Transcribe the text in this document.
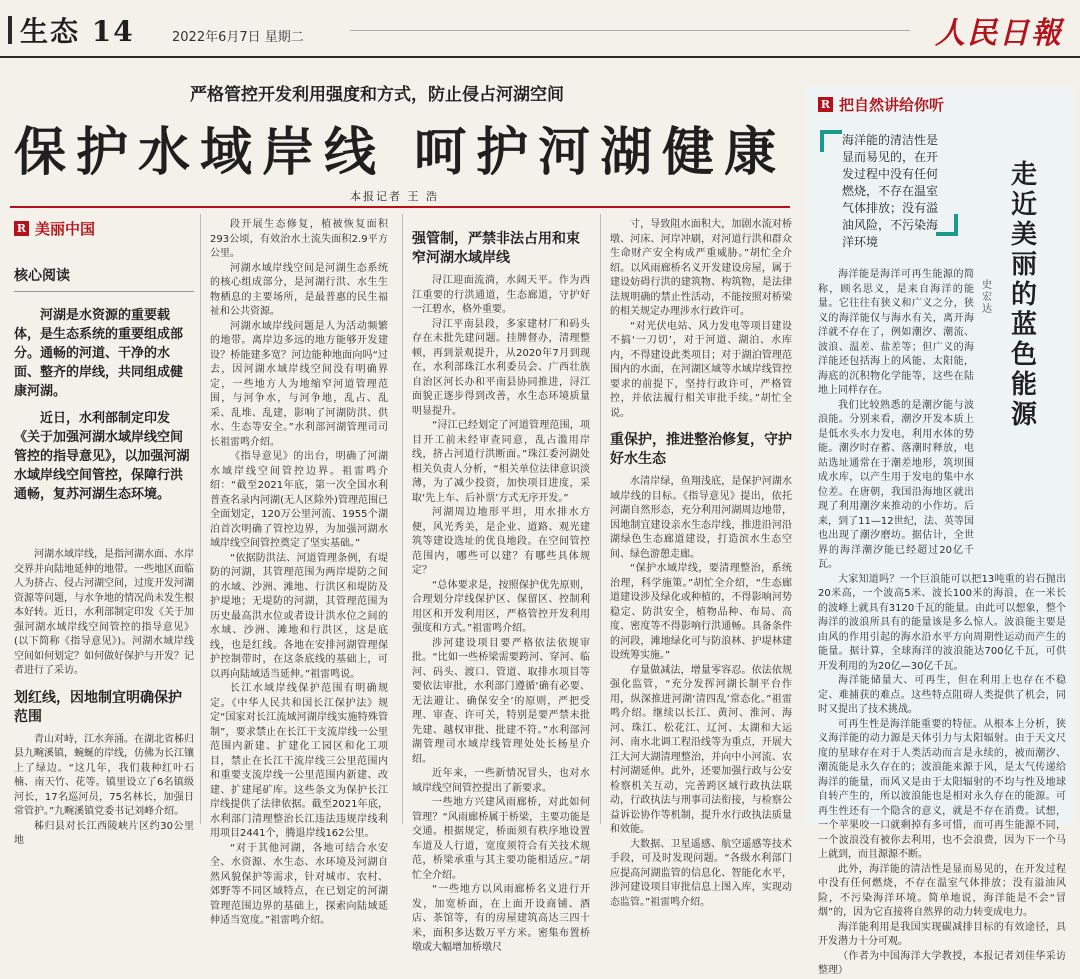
生态 14	2022年6月7日 星期二	人民日報
严格管控开发利用强度和方式，防止侵占河湖空间
保护水域岸线 呵护河湖健康
本报记者 王 浩
R 美丽中国
核心阅读

河湖是水资源的重要载体，是生态系统的重要组成部分。通畅的河道、干净的水面、整齐的岸线，共同组成健康河湖。

近日，水利部制定印发《关于加强河湖水域岸线空间管控的指导意见》，以加强河湖水域岸线空间管控，保障行洪通畅，复苏河湖生态环境。

河湖水域岸线，是指河湖水面、水岸交界并向陆地延伸的地带。一些地区面临人为挤占、侵占河湖空间，过度开发河湖资源等问题，与水争地的情况尚未发生根本好转。近日，水利部制定印发《关于加强河湖水域岸线空间管控的指导意见》(以下简称《指导意见》)。河湖水域岸线空间如何划定？如何做好保护与开发？记者进行了采访。

划红线，因地制宜明确保护范围

青山对峙，江水奔涌。在湖北省秭归县九畹溪镇，蜿蜒的岸线，仿佛为长江镶上了绿边。“这几年，我们栽种红叶石楠、南天竹、花等。镇里设立了6名镇级河长，17名巡河员，75名林长，加强日常管护。”九畹溪镇党委书记刘峰介绍。

秭归县对长江西陵峡片区约30公里地

段开展生态修复，植被恢复面积293公顷，有效治水土流失面积2.9平方公里。

河湖水域岸线空间是河湖生态系统的核心组成部分，是河湖行洪、水生生物栖息的主要场所，是最普惠的民生福祉和公共资源。

河湖水域岸线问题是人为活动频繁的地带。离岸边多远的地方能够开发建设？桥能建多宽？河边能种地面向吗“过去，因河湖水域岸线空间没有明确界定，一些地方人为地缩窄河道管理范围，与河争水，与河争地，乱占、乱采、乱堆、乱建，影响了河湖防洪、供水、生态等安全。”水利部河湖管理司司长祖雷鸣介绍。

《指导意见》的出台，明确了河湖水域岸线空间管控边界。祖雷鸣介绍：“截至2021年底，第一次全国水利普查名录内河湖(无人区除外)管理范围已全面划定，120万公里河流、1955个湖泊首次明确了管控边界，为加强河湖水域岸线空间管控奠定了坚实基础。”

“依据防洪法、河道管理条例，有堤防的河湖，其管理范围为两岸堤防之间的水域、沙洲、滩地、行洪区和堤防及护堤地；无堤防的河湖，其管理范围为历史最高洪水位或者设计洪水位之间的水域、沙洲、滩地和行洪区，这是底线，也是红线。各地在安排河湖管理保护控制带时，在这条底线的基础上，可以再向陆域适当延伸。”祖雷鸣说。

长江水域岸线保护范围有明确规定。《中华人民共和国长江保护法》规定“国家对长江流域河湖岸线实施特殊管制”，要求禁止在长江干支流岸线一公里范围内新建、扩建化工园区和化工项目，禁止在长江干流岸线三公里范围内和重要支流岸线一公里范围内新建、改建、扩建尾矿库。这些条文为保护长江岸线提供了法律依据。截至2021年底，水利部门清理整治长江违法违规岸线利用项目2441个，腾退岸线162公里。

“对于其他河湖，各地可结合水安全、水资源、水生态、水环境及河湖自然风貌保护等需求，针对城市、农村、郊野等不同区域特点，在已划定的河湖管理范围边界的基础上，探索向陆域延伸适当宽度。”祖雷鸣介绍。

强管制，严禁非法占用和束窄河湖水域岸线

浔江迎面流淌，水阔天平。作为西江重要的行洪通道，生态廊道，守护好一江碧水，格外重要。

浔江平南县段，多家建材厂和码头存在未批先建问题。挂牌督办，清理整顿，再到景观提升，从2020年7月到现在，水利部珠江水利委员会、广西壮族自治区河长办和平南县协同推进，浔江面貌正逐步得到改善，水生态环境质量明显提升。

“浔江已经划定了河道管理范围，项目开工前未经审查同意，乱占滥用岸线，挤占河道行洪断面。”珠江委河湖处相关负责人分析，“相关单位法律意识淡薄，为了减少投资，加快项目进度，采取‘先上车、后补票’方式无序开发。”

河湖周边地形平坦，用水排水方便，风光秀美，是企业、道路、观光建筑等建设选址的优良地段。在空间管控范围内，哪些可以建？有哪些具体规定？

“总体要求是，按照保护优先原则，合理划分岸线保护区、保留区、控制利用区和开发利用区，严格管控开发利用强度和方式。”祖雷鸣介绍。

涉河建设项目要严格依法依规审批。“比如一些桥梁需要跨河、穿河、临河、码头、渡口、管道、取排水项目等要依法审批，水利部门遵循‘确有必要、无法避让、确保安全’的原则，严把受理、审查、许可关，特别是要严禁未批先建、越权审批、批建不符。”水利部河湖管理司水域岸线管理处处长杨星介绍。

近年来，一些新情况冒头，也对水域岸线空间管控提出了新要求。

一些地方兴建风雨廊桥，对此如何管理？“风雨廊桥属于桥梁，主要功能是交通。根据规定，桥面须有秩序地设置车道及人行道，宽度须符合有关技术规范，桥梁承重与其主要功能相适应。”胡忙全介绍。

“一些地方以风雨廊桥名义进行开发，加宽桥面，在上面开设商铺、酒店、茶馆等，有的房屋建筑高达三四十米，面积多达数万平方米。密集布置桥墩或大幅增加桥墩尺

寸，导致阻水面积大，加剧水流对桥墩、河床、河岸冲刷，对河道行洪和群众生命财产安全构成严重威胁。”胡忙全介绍。以风雨廊桥名义开发建设房屋，属于建设妨碍行洪的建筑物、构筑物，是法律法规明确的禁止性活动，不能按照对桥梁的相关规定办理涉水行政许可。

“对光伏电站、风力发电等项目建设不搞‘一刀切’，对于河道、湖泊、水库内，不得建设此类项目；对于湖泊管理范围内的水面，在河湖区域等水域岸线管控要求的前提下，坚持行政许可，严格管控，并依法履行相关审批手续。”胡忙全说。

重保护，推进整治修复，守护好水生态

水清岸绿，鱼翔浅底，是保护河湖水域岸线的目标。《指导意见》提出，依托河湖自然形态，充分利用河湖周边地带，因地制宜建设亲水生态岸线，推进沿河沿湖绿色生态廊道建设，打造滨水生态空间、绿色游憩走廊。

“保护水域岸线，要清理整治，系统治理，科学施策。”胡忙全介绍，“生态廊道建设涉及绿化或种植的，不得影响河势稳定、防洪安全，植物品种、布局、高度、密度等不得影响行洪通畅。具备条件的河段，滩地绿化可与防浪林、护堤林建设统筹实施。”

存量做减法，增量零容忍。依法依规强化监管，“充分发挥河湖长制平台作用，纵深推进河湖‘清四乱’常态化。”祖雷鸣介绍。继续以长江、黄河、淮河、海河、珠江、松花江、辽河、太湖和大运河、南水北调工程沿线等为重点，开展大江大河大湖清理整治，并向中小河流、农村河湖延伸。此外，还要加强行政与公安检察机关互动，完善跨区域行政执法联动，行政执法与刑事司法衔接，与检察公益诉讼协作等机制，提升水行政执法质量和效能。

大数据、卫星遥感、航空遥感等技术手段，可及时发现问题。“各级水利部门应提高河湖监管的信息化、智能化水平，涉河建设项目审批信息上图入库，实现动态监管。”祖雷鸣介绍。

R 把自然讲给你听
海洋能的清洁性是显而易见的，在开发过程中没有任何燃烧，不存在温室气体排放；没有溢油风险，不污染海洋环境
走近美丽的蓝色能源
史宏达

海洋能是海洋可再生能源的简称，顾名思义，是来自海洋的能量。它往往有狭义和广义之分，狭义的海洋能仅与海水有关，离开海洋就不存在了，例如潮汐、潮流、波浪、温差、盐差等；但广义的海洋能还包括海上的风能、太阳能，海底的沉积物化学能等，这些在陆地上同样存在。

我们比较熟悉的是潮汐能与波浪能。分别来看，潮汐开发本质上是低水头水力发电，利用水体的势能。潮汐时存蓄、落潮时释放，电站选址通常在于潮差地形，筑坝围成水库，以产生用于发电的集中水位差。在唐朝，我国沿海地区就出现了利用潮汐来推动的小作坊。后来，到了11—12世纪，法、英等国也出现了潮汐磨坊。据估计，全世界的海洋潮汐能已经超过20亿千瓦。

大家知道吗？一个巨浪能可以把13吨重的岩石抛出20米高，一个波高5米、波长100米的海浪，在一米长的波峰上就具有3120千瓦的能量。由此可以想象，整个海洋的波浪所具有的能量该是多么惊人。波浪能主要是由风的作用引起的海水沿水平方向周期性运动而产生的能量。据计算，全球海洋的波浪能达700亿千瓦，可供开发利用的为20亿—30亿千瓦。

海洋能储量大、可再生，但在利用上也存在不稳定、难捕获的难点。这些特点阻碍人类提供了机会，同时又提出了技术挑战。

可再生性是海洋能重要的特征。从根本上分析，狭义海洋能的动力源是天体引力与太阳辐射。由于天文尺度的星球存在对于人类活动而言是永续的，被而潮汐、潮流能是永久存在的；波浪能来源于风，是太气传递给海洋的能量，而风又是由于太阳辐射的不均与性及地球自转产生的，所以波浪能也是相对永久存在的能源。可再生性还有一个隐含的意义，就是不存在消费。试想，一个苹果咬一口就剩掉有多可惜，而可再生能源不同，一个波浪没有被你去利用，也不会浪费，因为下一个马上就到，而且源源不断。

此外，海洋能的清洁性是显而易见的，在开发过程中没有任何燃烧，不存在温室气体排放；没有溢油风险，不污染海洋环境。简单地说，海洋能是不会“冒烟”的，因为它直接将自然界的动力转变成电力。

海洋能利用是我国实现碳减排目标的有效途径，具开发潜力十分可观。

（作者为中国海洋大学教授，本报记者刘佳华采访整理）
